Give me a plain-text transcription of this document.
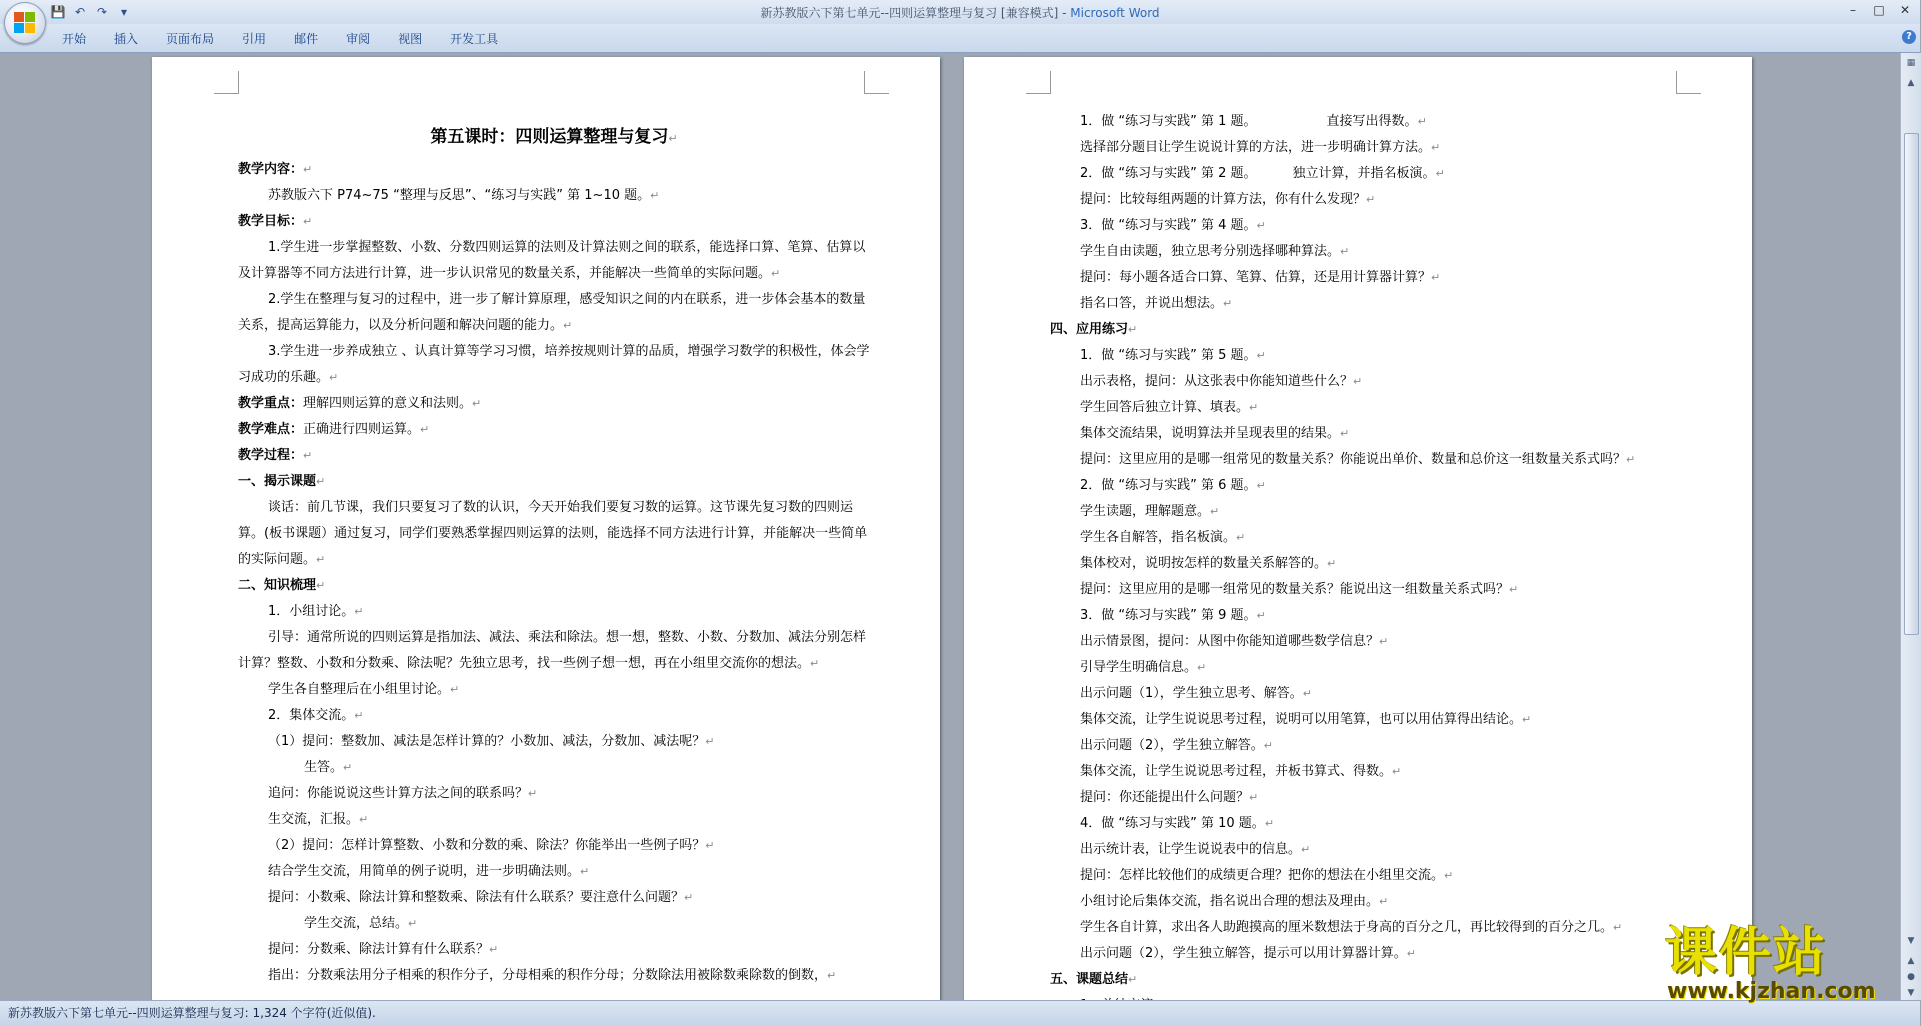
💾 ↶ ↷	▾	新苏教版六下第七单元--四则运算整理与复习 [兼容模式] - Microsoft Word	–	□	✕
开始	插入	页面布局	引用	邮件	审阅	视图	开发工具	?
第五课时：四则运算整理与复习 ↵
教学内容： ↵
苏教版六下 P74~75 “整理与反思”、“练习与实践” 第 1~10 题。 ↵
教学目标： ↵
1.学生进一步掌握整数、小数、分数四则运算的法则及计算法则之间的联系，能选择口算、笔算、估算以及计算器等不同方法进行计算，进一步认识常见的数量关系，并能解决一些简单的实际问题。 ↵
2.学生在整理与复习的过程中，进一步了解计算原理，感受知识之间的内在联系，进一步体会基本的数量关系，提高运算能力，以及分析问题和解决问题的能力。 ↵
3.学生进一步养成独立 、认真计算等学习习惯，培养按规则计算的品质，增强学习数学的积极性，体会学习成功的乐趣。 ↵
教学重点：理解四则运算的意义和法则。 ↵
教学难点：正确进行四则运算。 ↵
教学过程： ↵
一、揭示课题 ↵
谈话：前几节课，我们只要复习了数的认识，今天开始我们要复习数的运算。这节课先复习数的四则运算。(板书课题）通过复习，同学们要熟悉掌握四则运算的法则，能选择不同方法进行计算，并能解决一些简单的实际问题。 ↵
二、知识梳理 ↵
1．小组讨论。 ↵
引导：通常所说的四则运算是指加法、减法、乘法和除法。想一想，整数、小数、分数加、减法分别怎样计算？整数、小数和分数乘、除法呢？先独立思考，找一些例子想一想，再在小组里交流你的想法。 ↵
学生各自整理后在小组里讨论。 ↵
2．集体交流。 ↵
（1）提问：整数加、减法是怎样计算的？小数加、减法，分数加、减法呢？ ↵
生答。 ↵
追问：你能说说这些计算方法之间的联系吗？ ↵
生交流，汇报。 ↵
（2）提问：怎样计算整数、小数和分数的乘、除法？你能举出一些例子吗？ ↵
结合学生交流，用简单的例子说明，进一步明确法则。 ↵
提问：小数乘、除法计算和整数乘、除法有什么联系？要注意什么问题？ ↵
学生交流，总结。 ↵
提问：分数乘、除法计算有什么联系？ ↵
指出：分数乘法用分子相乘的积作分子，分母相乘的积作分母；分数除法用被除数乘除数的倒数， ↵
1．做 “练习与实践” 第 1 题。	直接写出得数。 ↵
选择部分题目让学生说说计算的方法，进一步明确计算方法。 ↵
2．做 “练习与实践” 第 2 题。	独立计算，并指名板演。 ↵
提问：比较每组两题的计算方法，你有什么发现？ ↵
3．做 “练习与实践” 第 4 题。 ↵
学生自由读题，独立思考分别选择哪种算法。 ↵
提问：每小题各适合口算、笔算、估算，还是用计算器计算？ ↵
指名口答，并说出想法。 ↵
四、应用练习 ↵
1．做 “练习与实践” 第 5 题。 ↵
出示表格，提问：从这张表中你能知道些什么？ ↵
学生回答后独立计算、填表。 ↵
集体交流结果，说明算法并呈现表里的结果。 ↵
提问：这里应用的是哪一组常见的数量关系？你能说出单价、数量和总价这一组数量关系式吗？ ↵
2．做 “练习与实践” 第 6 题。 ↵
学生读题，理解题意。 ↵
学生各自解答，指名板演。 ↵
集体校对，说明按怎样的数量关系解答的。 ↵
提问：这里应用的是哪一组常见的数量关系？能说出这一组数量关系式吗？ ↵
3．做 “练习与实践” 第 9 题。 ↵
出示情景图，提问：从图中你能知道哪些数学信息？ ↵
引导学生明确信息。 ↵
出示问题（1），学生独立思考、解答。 ↵
集体交流，让学生说说思考过程，说明可以用笔算，也可以用估算得出结论。 ↵
出示问题（2），学生独立解答。 ↵
集体交流，让学生说说思考过程，并板书算式、得数。 ↵
提问：你还能提出什么问题？ ↵
4．做 “练习与实践” 第 10 题。 ↵
出示统计表，让学生说说表中的信息。 ↵
提问：怎样比较他们的成绩更合理？把你的想法在小组里交流。 ↵
小组讨论后集体交流，指名说出合理的想法及理由。 ↵
学生各自计算，求出各人助跑摸高的厘米数想法于身高的百分之几，再比较得到的百分之几。 ↵
出示问题（2），学生独立解答，提示可以用计算器计算。 ↵
五、课题总结 ↵
↵
▦
▲
▼
▲
●
▼
新苏教版六下第七单元--四则运算整理与复习: 1,324 个字符(近似值).
课件站
www.kjzhan.com
